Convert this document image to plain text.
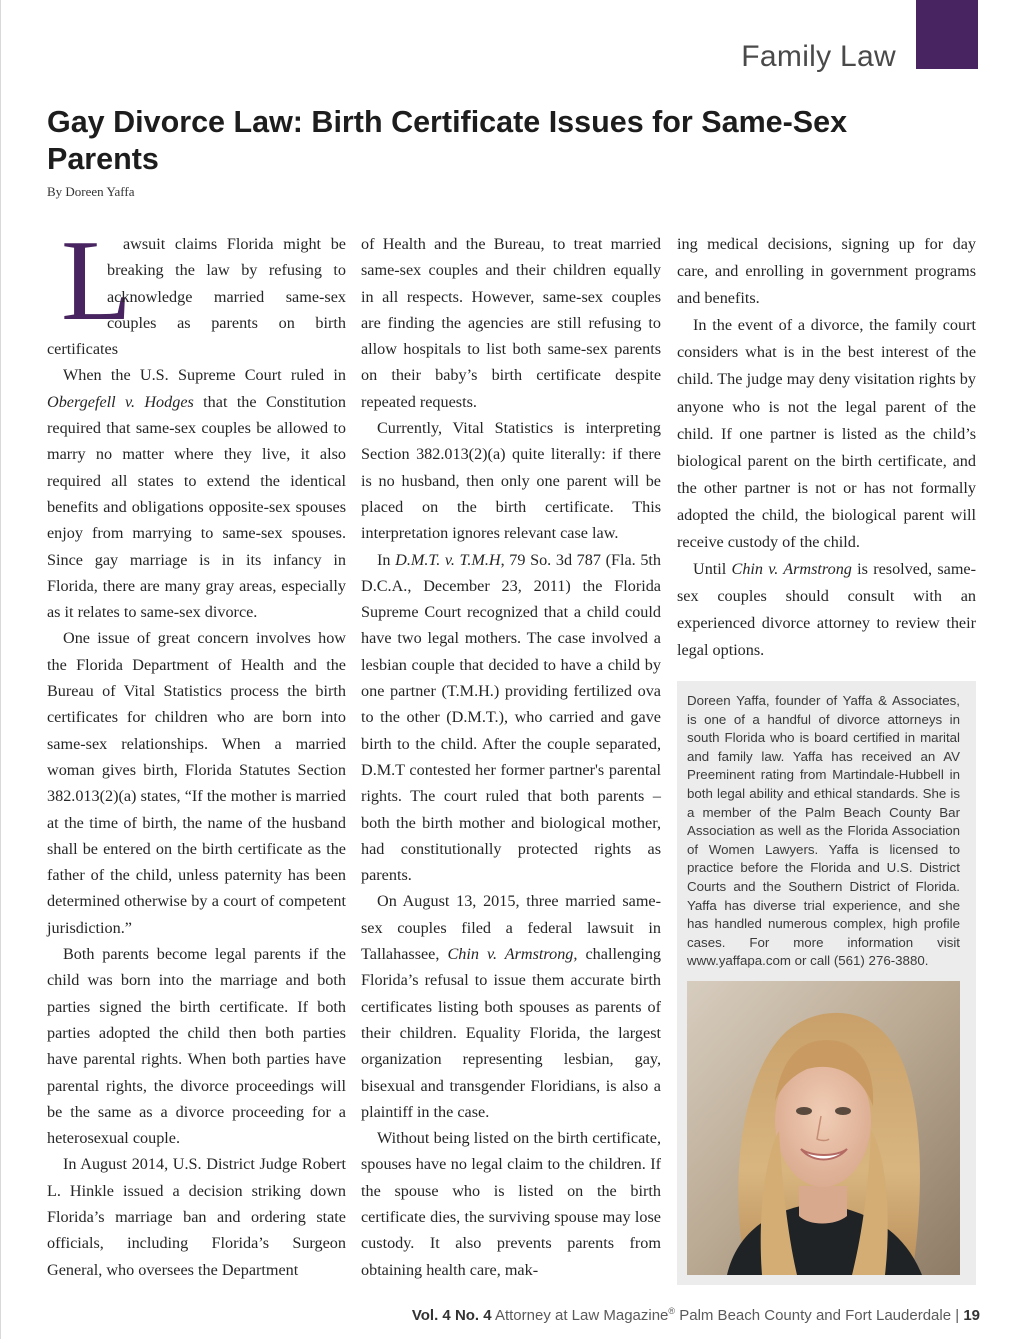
Family Law
Gay Divorce Law: Birth Certificate Issues for Same-Sex Parents
By Doreen Yaffa

L
awsuit claims Florida might be breaking the law by refusing to acknowledge married same-sex couples as parents on birth certificates

When the U.S. Supreme Court ruled in Obergefell v. Hodges that the Constitution required that same-sex couples be allowed to marry no matter where they live, it also required all states to extend the identical benefits and obligations opposite-sex spouses enjoy from marrying to same-sex spouses. Since gay marriage is in its infancy in Florida, there are many gray areas, especially as it relates to same-sex divorce.

One issue of great concern involves how the Florida Department of Health and the Bureau of Vital Statistics process the birth certificates for children who are born into same-sex relationships. When a married woman gives birth, Florida Statutes Section 382.013(2)(a) states, “If the mother is married at the time of birth, the name of the husband shall be entered on the birth certificate as the father of the child, unless paternity has been determined otherwise by a court of competent jurisdiction.”

Both parents become legal parents if the child was born into the marriage and both parties signed the birth certificate. If both parties adopted the child then both parties have parental rights. When both parties have parental rights, the divorce proceedings will be the same as a divorce proceeding for a heterosexual couple.

In August 2014, U.S. District Judge Robert L. Hinkle issued a decision striking down Florida’s marriage ban and ordering state officials, including Florida’s Surgeon General, who oversees the Department

of Health and the Bureau, to treat married same-sex couples and their children equally in all respects. However, same-sex couples are finding the agencies are still refusing to allow hospitals to list both same-sex parents on their baby’s birth certificate despite repeated requests.

Currently, Vital Statistics is interpreting Section 382.013(2)(a) quite literally: if there is no husband, then only one parent will be placed on the birth certificate. This interpretation ignores relevant case law.

In D.M.T. v. T.M.H, 79 So. 3d 787 (Fla. 5th D.C.A., December 23, 2011) the Florida Supreme Court recognized that a child could have two legal mothers. The case involved a lesbian couple that decided to have a child by one partner (T.M.H.) providing fertilized ova to the other (D.M.T.), who carried and gave birth to the child. After the couple separated, D.M.T contested her former partner's parental rights. The court ruled that both parents – both the birth mother and biological mother, had constitutionally protected rights as parents.

On August 13, 2015, three married same-sex couples filed a federal lawsuit in Tallahassee, Chin v. Armstrong, challenging Florida’s refusal to issue them accurate birth certificates listing both spouses as parents of their children. Equality Florida, the largest organization representing lesbian, gay, bisexual and transgender Floridians, is also a plaintiff in the case.

Without being listed on the birth certificate, spouses have no legal claim to the children. If the spouse who is listed on the birth certificate dies, the surviving spouse may lose custody. It also prevents parents from obtaining health care, mak-

ing medical decisions, signing up for day care, and enrolling in government programs and benefits.

In the event of a divorce, the family court considers what is in the best interest of the child. The judge may deny visitation rights by anyone who is not the legal parent of the child. If one partner is listed as the child’s biological parent on the birth certificate, and the other partner is not or has not formally adopted the child, the biological parent will receive custody of the child.

Until Chin v. Armstrong is resolved, same-sex couples should consult with an experienced divorce attorney to review their legal options.

Doreen Yaffa, founder of Yaffa & Associates, is one of a handful of divorce attorneys in south Florida who is board certified in marital and family law. Yaffa has received an AV Preeminent rating from Martindale-Hubbell in both legal ability and ethical standards. She is a member of the Palm Beach County Bar Association as well as the Florida Association of Women Lawyers. Yaffa is licensed to practice before the Florida and U.S. District Courts and the Southern District of Florida. Yaffa has diverse trial experience, and she has handled numerous complex, high profile cases. For more information visit www.yaffapa.com or call (561) 276-3880.
Vol. 4 No. 4 Attorney at Law Magazine® Palm Beach County and Fort Lauderdale | 19
